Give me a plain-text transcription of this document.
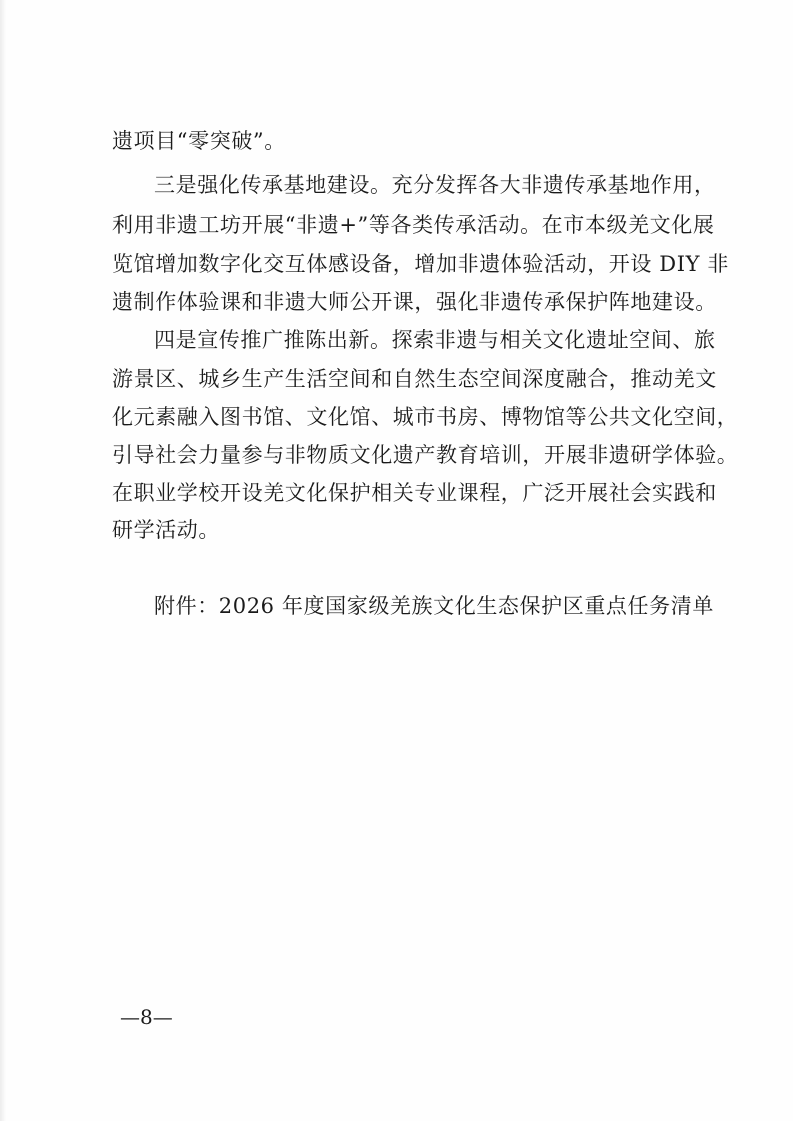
遗项目“零突破”。
三是强化传承基地建设。充分发挥各大非遗传承基地作用，
利用非遗工坊开展“非遗+”等各类传承活动。在市本级羌文化展
览馆增加数字化交互体感设备，增加非遗体验活动，开设 DIY 非
遗制作体验课和非遗大师公开课，强化非遗传承保护阵地建设。
四是宣传推广推陈出新。探索非遗与相关文化遗址空间、旅
游景区、城乡生产生活空间和自然生态空间深度融合，推动羌文
化元素融入图书馆、文化馆、城市书房、博物馆等公共文化空间，
引导社会力量参与非物质文化遗产教育培训，开展非遗研学体验。
在职业学校开设羌文化保护相关专业课程，广泛开展社会实践和
研学活动。
附件：2026 年度国家级羌族文化生态保护区重点任务清单
—8—
